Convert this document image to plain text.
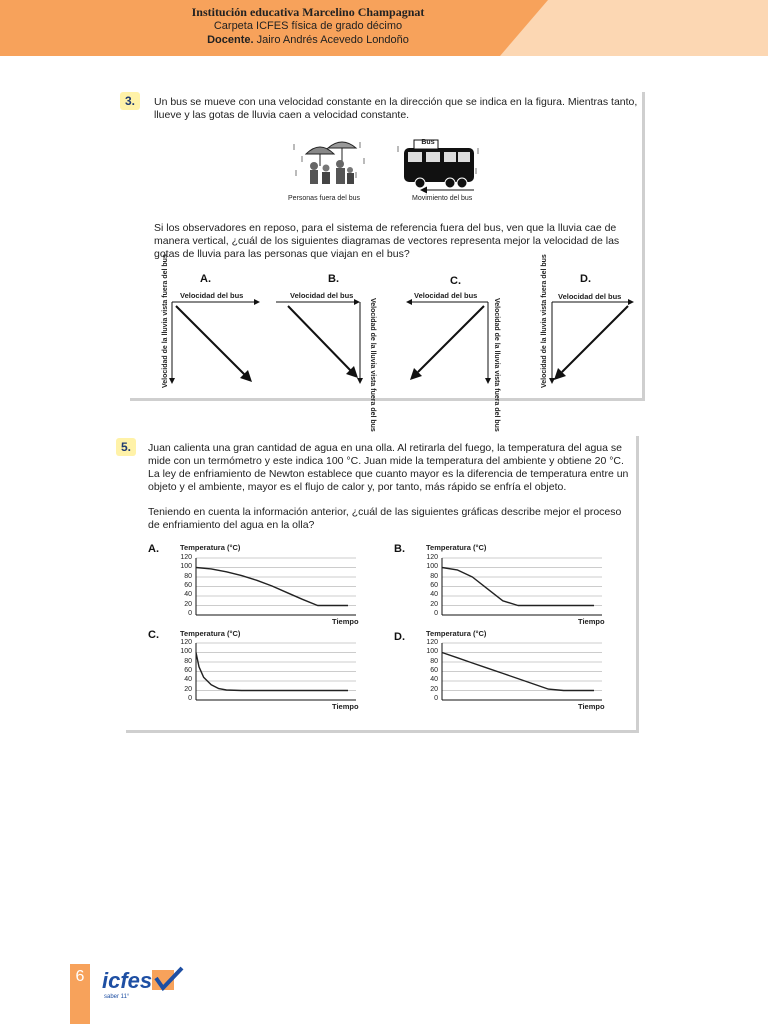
Institución educativa Marcelino Champagnat
Carpeta ICFES física de grado décimo
Docente. Jairo Andrés Acevedo Londoño
3.	Un bus se mueve con una velocidad constante en la dirección que se indica en la figura. Mientras tanto, llueve y las gotas de lluvia caen a velocidad constante.
Bus
Personas fuera del bus	Movimiento del bus
Si los observadores en reposo, para el sistema de referencia fuera del bus, ven que la lluvia cae de manera vertical, ¿cuál de los siguientes diagramas de vectores representa mejor la velocidad de las gotas de lluvia para las personas que viajan en el bus?
A.
Velocidad del bus
Velocidad de la lluvia vista fuera del bus	B.
Velocidad del bus
Velocidad de la lluvia vista fuera del bus
C.
Velocidad del bus
Velocidad de la lluvia vista fuera del bus
D.
Velocidad del bus
Velocidad de la lluvia vista fuera del bus
5.	Juan calienta una gran cantidad de agua en una olla. Al retirarla del fuego, la temperatura del agua se mide con un termómetro y este indica 100 °C. Juan mide la temperatura del ambiente y obtiene 20 °C. La ley de enfriamiento de Newton establece que cuanto mayor es la diferencia de temperatura entre un objeto y el ambiente, mayor es el flujo de calor y, por tanto, más rápido se enfría el objeto.
Teniendo en cuenta la información anterior, ¿cuál de las siguientes gráficas describe mejor el proceso de enfriamiento del agua en la olla?
A.	Temperatura (°C)
120
100
80
60
40
20
0
Tiempo
B.	Temperatura (°C)
120
100
80
60
40
20
0
Tiempo
C.	Temperatura (°C)
120
100
80
60
40
20
0
Tiempo
D.	Temperatura (°C)
120
100
80
60
40
20
0
Tiempo
6 icfes
saber 11°
